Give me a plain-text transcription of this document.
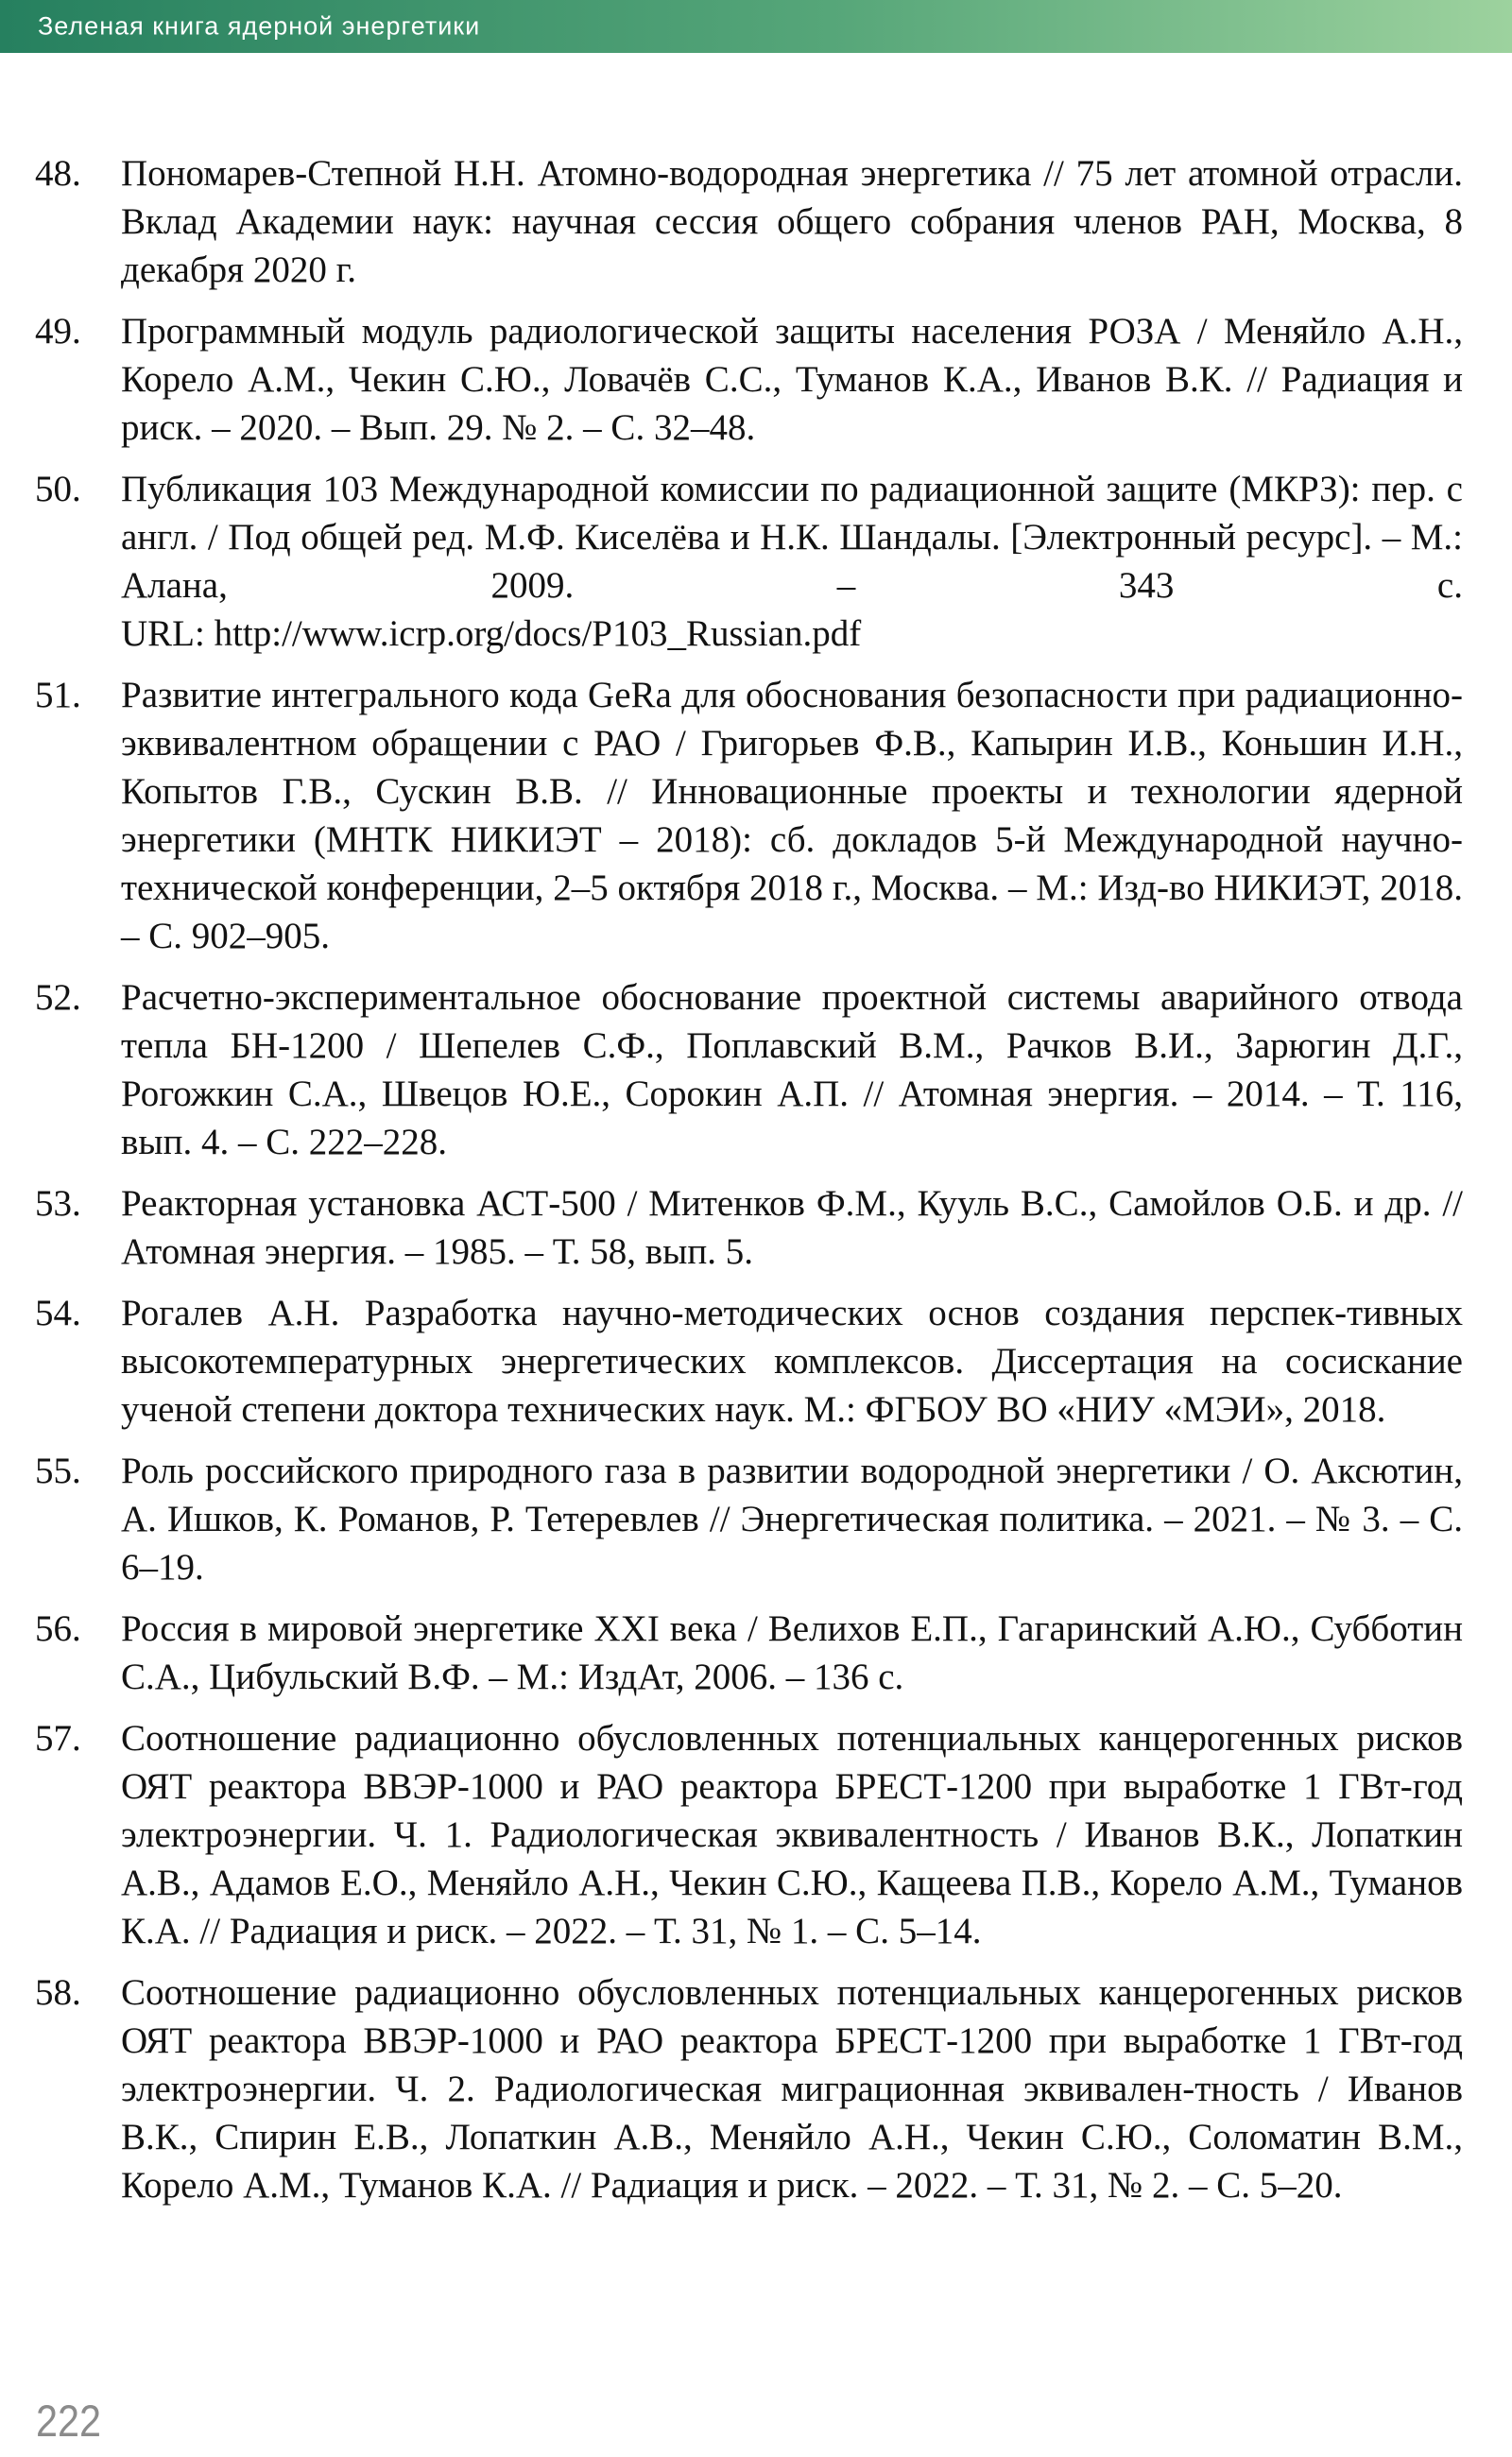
Зеленая книга ядерной энергетики
48. Пономарев-Степной Н.Н. Атомно-водородная энергетика // 75 лет атомной отрасли. Вклад Академии наук: научная сессия общего собрания членов РАН, Москва, 8 декабря 2020 г.
49. Программный модуль радиологической защиты населения РОЗА / Меняйло А.Н., Корело А.М., Чекин С.Ю., Ловачёв С.С., Туманов К.А., Иванов В.К. // Радиация и риск. – 2020. – Вып. 29. № 2. – С. 32–48.
50. Публикация 103 Международной комиссии по радиационной защите (МКРЗ): пер. с англ. / Под общей ред. М.Ф. Киселёва и Н.К. Шандалы. [Электронный ресурс]. – М.: Алана, 2009. – 343 с.
URL: http://www.icrp.org/docs/P103_Russian.pdf
51. Развитие интегрального кода GeRa для обоснования безопасности при радиационно-эквивалентном обращении с РАО / Григорьев Ф.В., Капырин И.В., Коньшин И.Н., Копытов Г.В., Сускин В.В. // Инновационные проекты и технологии ядерной энергетики (МНТК НИКИЭТ – 2018): сб. докладов 5-й Международной научно-технической конференции, 2–5 октября 2018 г., Москва. – М.: Изд-во НИКИЭТ, 2018. – С. 902–905.
52. Расчетно-экспериментальное обоснование проектной системы аварийного отвода тепла БН-1200 / Шепелев С.Ф., Поплавский В.М., Рачков В.И., Зарюгин Д.Г., Рогожкин С.А., Швецов Ю.Е., Сорокин А.П. // Атомная энергия. – 2014. – Т. 116, вып. 4. – С. 222–228.
53. Реакторная установка АСТ-500 / Митенков Ф.М., Кууль В.С., Самойлов О.Б. и др. // Атомная энергия. – 1985. – Т. 58, вып. 5.
54. Рогалев А.Н. Разработка научно-методических основ создания перспек-тивных высокотемпературных энергетических комплексов. Диссертация на сосискание ученой степени доктора технических наук. М.: ФГБОУ ВО «НИУ «МЭИ», 2018.
55. Роль российского природного газа в развитии водородной энергетики / О. Аксютин, А. Ишков, К. Романов, Р. Тетеревлев // Энергетическая политика. – 2021. – № 3. – С. 6–19.
56. Россия в мировой энергетике XXI века / Велихов Е.П., Гагаринский А.Ю., Субботин С.А., Цибульский В.Ф. – М.: ИздАт, 2006. – 136 с.
57. Соотношение радиационно обусловленных потенциальных канцерогенных рисков ОЯТ реактора ВВЭР-1000 и РАО реактора БРЕСТ-1200 при выработке 1 ГВт-год электроэнергии. Ч. 1. Радиологическая эквивалентность / Иванов В.К., Лопаткин А.В., Адамов Е.О., Меняйло А.Н., Чекин С.Ю., Кащеева П.В., Корело А.М., Туманов К.А. // Радиация и риск. – 2022. – Т. 31, № 1. – С. 5–14.
58. Соотношение радиационно обусловленных потенциальных канцерогенных рисков ОЯТ реактора ВВЭР-1000 и РАО реактора БРЕСТ-1200 при выработке 1 ГВт-год электроэнергии. Ч. 2. Радиологическая миграционная эквивален-тность / Иванов В.К., Спирин Е.В., Лопаткин А.В., Меняйло А.Н., Чекин С.Ю., Соломатин В.М., Корело А.М., Туманов К.А. // Радиация и риск. – 2022. – Т. 31, № 2. – С. 5–20.
222
